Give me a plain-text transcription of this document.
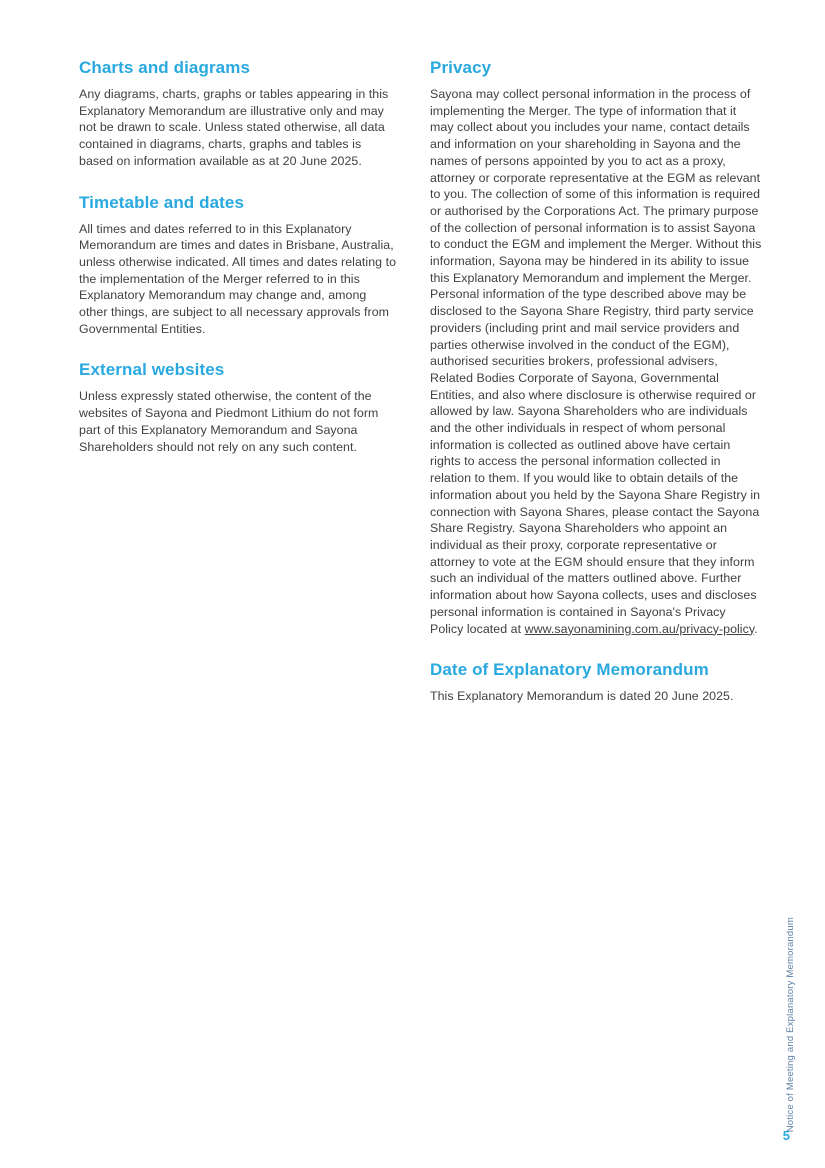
Charts and diagrams

Any diagrams, charts, graphs or tables appearing in this Explanatory Memorandum are illustrative only and may not be drawn to scale. Unless stated otherwise, all data contained in diagrams, charts, graphs and tables is based on information available as at 20 June 2025.

Timetable and dates

All times and dates referred to in this Explanatory Memorandum are times and dates in Brisbane, Australia, unless otherwise indicated. All times and dates relating to the implementation of the Merger referred to in this Explanatory Memorandum may change and, among other things, are subject to all necessary approvals from Governmental Entities.

External websites

Unless expressly stated otherwise, the content of the websites of Sayona and Piedmont Lithium do not form part of this Explanatory Memorandum and Sayona Shareholders should not rely on any such content.

Privacy

Sayona may collect personal information in the process of implementing the Merger. The type of information that it may collect about you includes your name, contact details and information on your shareholding in Sayona and the names of persons appointed by you to act as a proxy, attorney or corporate representative at the EGM as relevant to you. The collection of some of this information is required or authorised by the Corporations Act. The primary purpose of the collection of personal information is to assist Sayona to conduct the EGM and implement the Merger. Without this information, Sayona may be hindered in its ability to issue this Explanatory Memorandum and implement the Merger. Personal information of the type described above may be disclosed to the Sayona Share Registry, third party service providers (including print and mail service providers and parties otherwise involved in the conduct of the EGM), authorised securities brokers, professional advisers, Related Bodies Corporate of Sayona, Governmental Entities, and also where disclosure is otherwise required or allowed by law. Sayona Shareholders who are individuals and the other individuals in respect of whom personal information is collected as outlined above have certain rights to access the personal information collected in relation to them. If you would like to obtain details of the information about you held by the Sayona Share Registry in connection with Sayona Shares, please contact the Sayona Share Registry. Sayona Shareholders who appoint an individual as their proxy, corporate representative or attorney to vote at the EGM should ensure that they inform such an individual of the matters outlined above. Further information about how Sayona collects, uses and discloses personal information is contained in Sayona's Privacy Policy located at www.sayonamining.com.au/privacy-policy.

Date of Explanatory Memorandum

This Explanatory Memorandum is dated 20 June 2025.

Notice of Meeting and Explanatory Memorandum
5
